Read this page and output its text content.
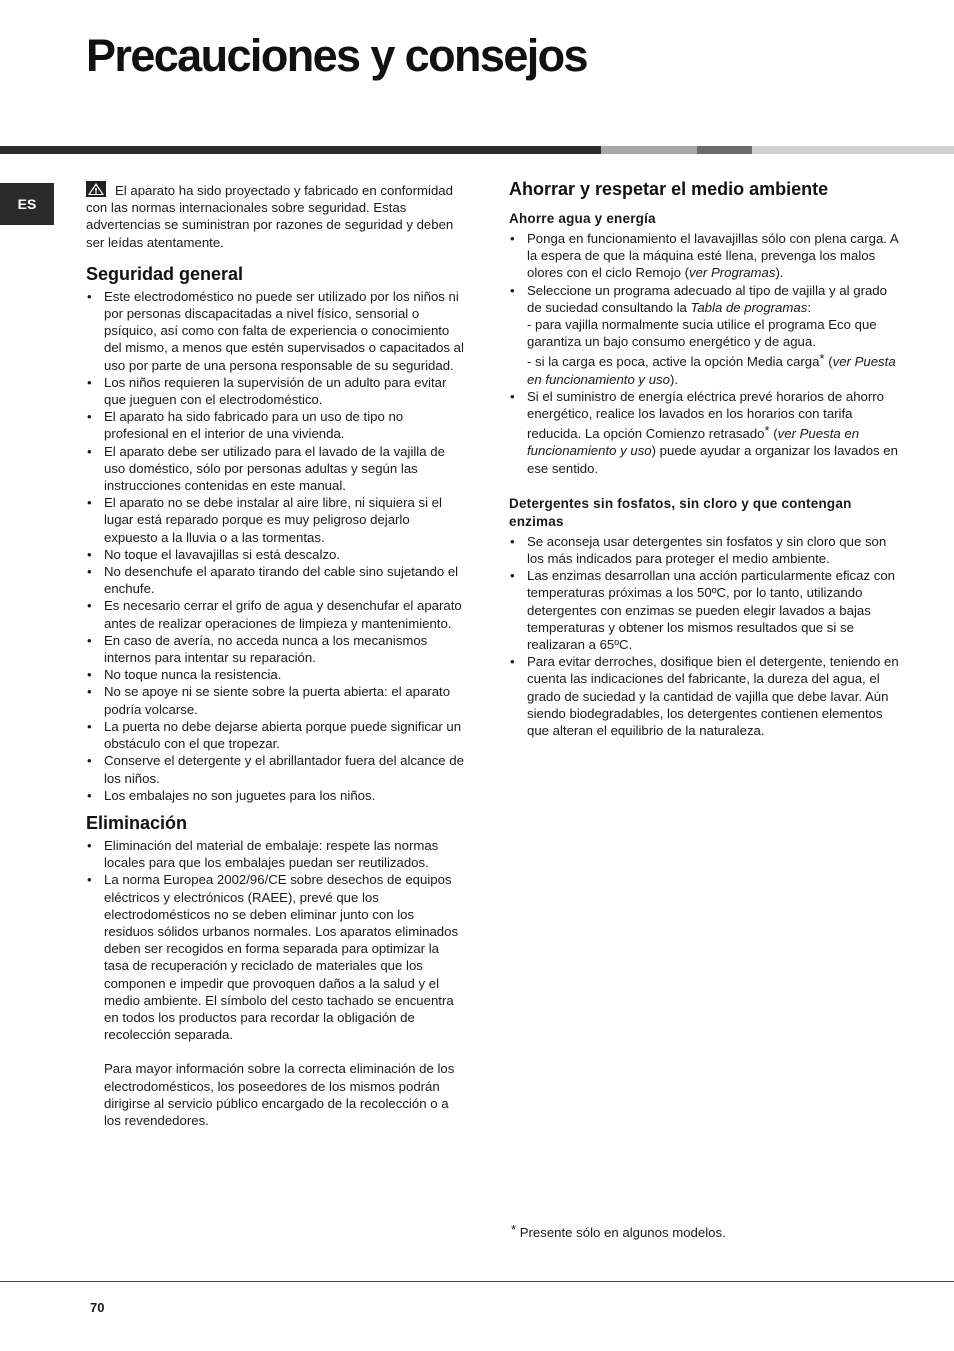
Precauciones y consejos
ES
El aparato ha sido proyectado y fabricado en conformidad con las normas internacionales sobre seguridad. Estas advertencias se suministran por razones de seguridad y deben ser leídas atentamente.
Seguridad general
• Este electrodoméstico no puede ser utilizado por los niños ni por personas discapacitadas a nivel físico, sensorial o psíquico, así como con falta de experiencia o conocimiento del mismo, a menos que estén supervisados o capacitados al uso por parte de una persona responsable de su seguridad.
• Los niños requieren la supervisión de un adulto para evitar que jueguen con el electrodoméstico.
• El aparato ha sido fabricado para un uso de tipo no profesional en el interior de una vivienda.
• El aparato debe ser utilizado para el lavado de la vajilla de uso doméstico, sólo por personas adultas y según las instrucciones contenidas en este manual.
• El aparato no se debe instalar al aire libre, ni siquiera si el lugar está reparado porque es muy peligroso dejarlo expuesto a la lluvia o a las tormentas.
• No toque el lavavajillas si está descalzo.
• No desenchufe el aparato tirando del cable sino sujetando el enchufe.
• Es necesario cerrar el grifo de agua y desenchufar el aparato antes de realizar operaciones de limpieza y mantenimiento.
• En caso de avería, no acceda nunca a los mecanismos internos para intentar su reparación.
• No toque nunca la resistencia.
• No se apoye ni se siente sobre la puerta abierta: el aparato podría volcarse.
• La puerta no debe dejarse abierta porque puede significar un obstáculo con el que tropezar.
• Conserve el detergente y el abrillantador fuera del alcance de los niños.
• Los embalajes no son juguetes para los niños.
Eliminación
• Eliminación del material de embalaje: respete las normas locales para que los embalajes puedan ser reutilizados.
• La norma Europea 2002/96/CE sobre desechos de equipos eléctricos y electrónicos (RAEE), prevé que los electrodomésticos no se deben eliminar junto con los residuos sólidos urbanos normales. Los aparatos eliminados deben ser recogidos en forma separada para optimizar la tasa de recuperación y reciclado de materiales que los componen e impedir que provoquen daños a la salud y el medio ambiente. El símbolo del cesto tachado se encuentra en todos los productos para recordar la obligación de recolección separada.
Para mayor información sobre la correcta eliminación de los electrodomésticos, los poseedores de los mismos podrán dirigirse al servicio público encargado de la recolección o a los revendedores.
Ahorrar y respetar el medio ambiente
Ahorre agua y energía
• Ponga en funcionamiento el lavavajillas sólo con plena carga. A la espera de que la máquina esté llena, prevenga los malos olores con el ciclo Remojo (ver Programas).
• Seleccione un programa adecuado al tipo de vajilla y al grado de suciedad consultando la Tabla de programas:
- para vajilla normalmente sucia utilice el programa Eco que garantiza un bajo consumo energético y de agua.
- si la carga es poca, active la opción Media carga* (ver Puesta en funcionamiento y uso).
• Si el suministro de energía eléctrica prevé horarios de ahorro energético, realice los lavados en los horarios con tarifa reducida. La opción Comienzo retrasado* (ver Puesta en funcionamiento y uso) puede ayudar a organizar los lavados en ese sentido.
Detergentes sin fosfatos, sin cloro y que contengan enzimas
• Se aconseja usar detergentes sin fosfatos y sin cloro que son los más indicados para proteger el medio ambiente.
• Las enzimas desarrollan una acción particularmente eficaz con temperaturas próximas a los 50ºC, por lo tanto, utilizando detergentes con enzimas se pueden elegir lavados a bajas temperaturas y obtener los mismos resultados que si se realizaran a 65ºC.
• Para evitar derroches, dosifique bien el detergente, teniendo en cuenta las indicaciones del fabricante, la dureza del agua, el grado de suciedad y la cantidad de vajilla que debe lavar. Aún siendo biodegradables, los detergentes contienen elementos que alteran el equilibrio de la naturaleza.
* Presente sólo en algunos modelos.
70
